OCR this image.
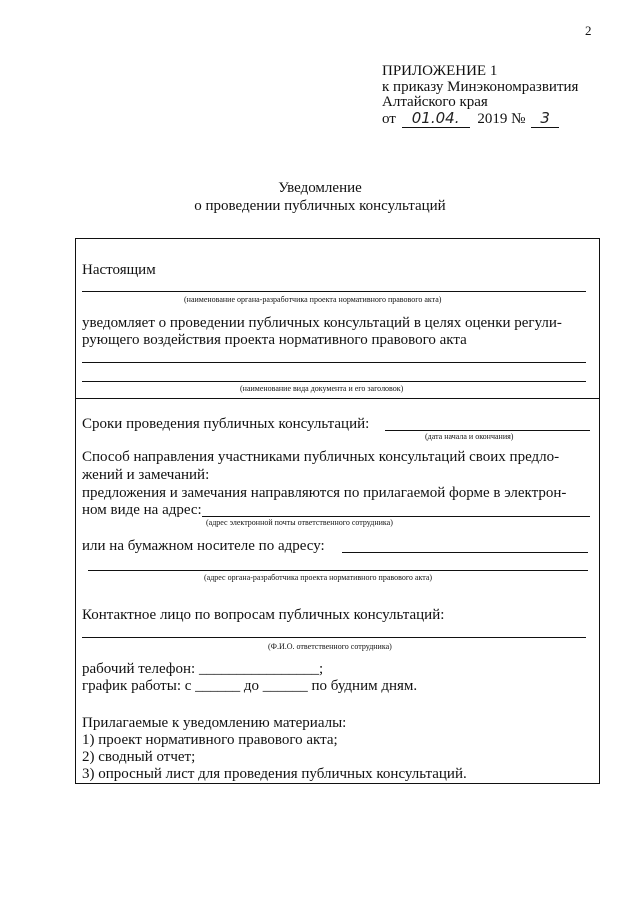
2
ПРИЛОЖЕНИЕ 1
к приказу Минэкономразвития
Алтайского края
от 01.04. 2019 № 3
Уведомление
о проведении публичных консультаций
Настоящим
(наименование органа-разработчика проекта нормативного правового акта)
уведомляет о проведении публичных консультаций в целях оценки регули-
рующего воздействия проекта нормативного правового акта
(наименование вида документа и его заголовок)
Сроки проведения публичных консультаций:
(дата начала и окончания)
Способ направления участниками публичных консультаций своих предло-
жений и замечаний:
предложения и замечания направляются по прилагаемой форме в электрон-
ном виде на адрес:
(адрес электронной почты ответственного сотрудника)
или на бумажном носителе по адресу:
(адрес органа-разработчика проекта нормативного правового акта)
Контактное лицо по вопросам публичных консультаций:
(Ф.И.О. ответственного сотрудника)
рабочий телефон: ________________;
график работы: с ______ до ______ по будним дням.
Прилагаемые к уведомлению материалы:
1) проект нормативного правового акта;
2) сводный отчет;
3) опросный лист для проведения публичных консультаций.
